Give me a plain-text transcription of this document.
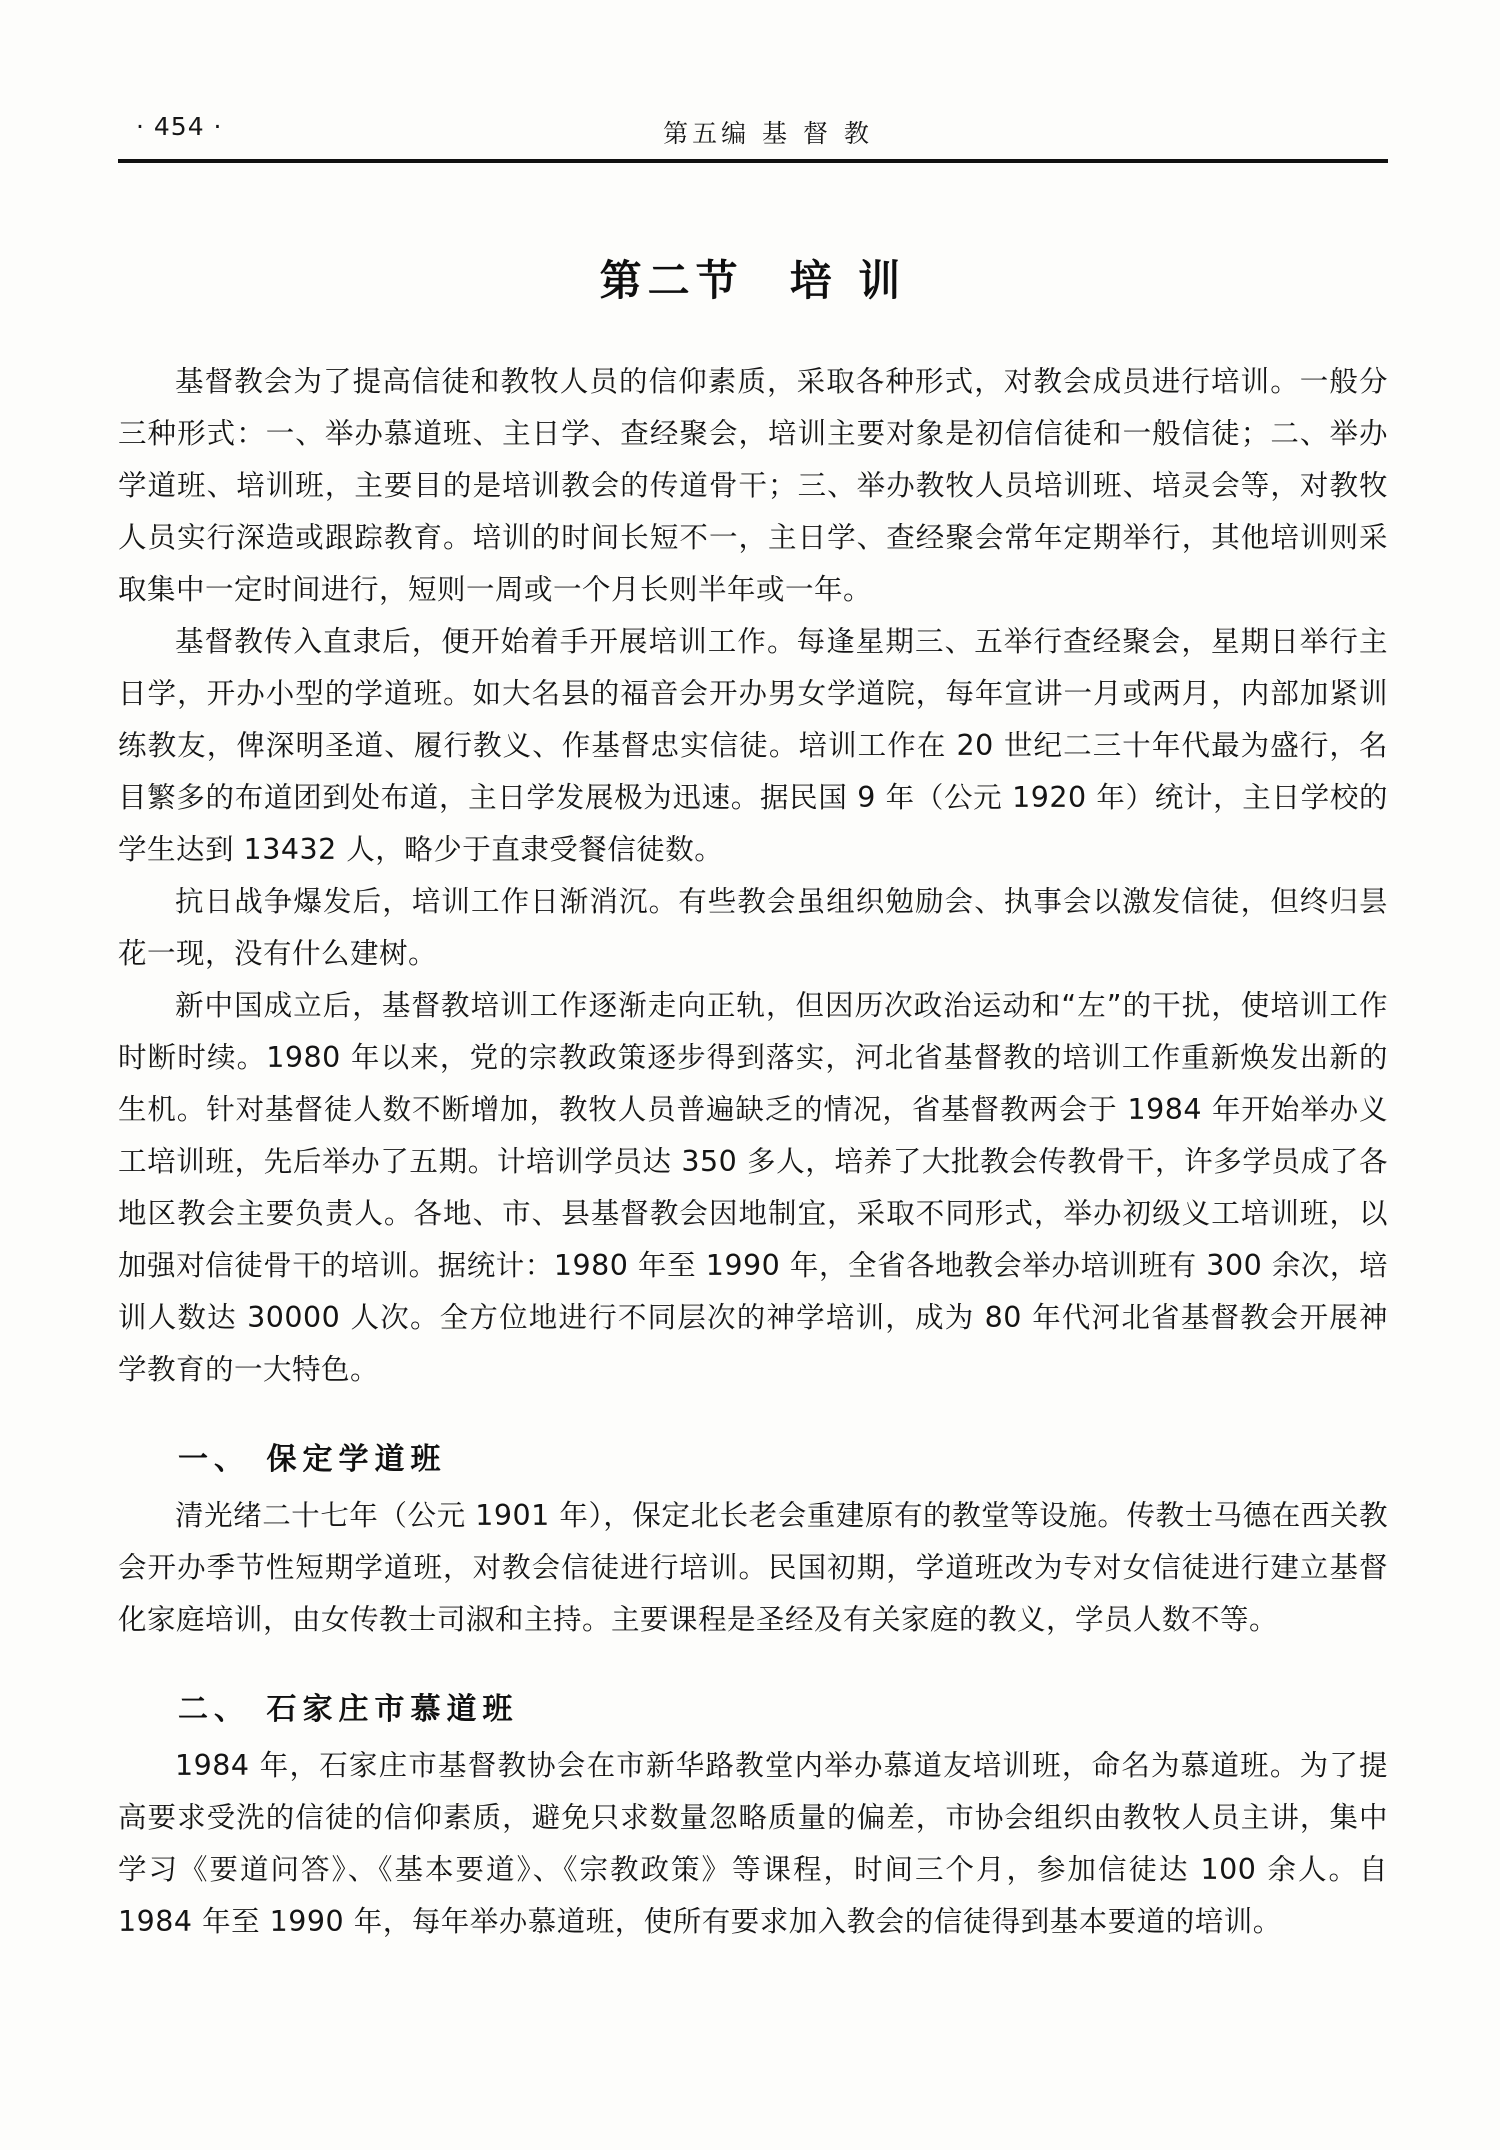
· 454 ·	第五编 基 督 教
第二节 培 训

基督教会为了提高信徒和教牧人员的信仰素质，采取各种形式，对教会成员进行培训。一般分三种形式：一、举办慕道班、主日学、查经聚会，培训主要对象是初信信徒和一般信徒；二、举办学道班、培训班，主要目的是培训教会的传道骨干；三、举办教牧人员培训班、培灵会等，对教牧人员实行深造或跟踪教育。培训的时间长短不一，主日学、查经聚会常年定期举行，其他培训则采取集中一定时间进行，短则一周或一个月长则半年或一年。

基督教传入直隶后，便开始着手开展培训工作。每逢星期三、五举行查经聚会，星期日举行主日学，开办小型的学道班。如大名县的福音会开办男女学道院，每年宣讲一月或两月，内部加紧训练教友，俾深明圣道、履行教义、作基督忠实信徒。培训工作在 20 世纪二三十年代最为盛行，名目繁多的布道团到处布道，主日学发展极为迅速。据民国 9 年（公元 1920 年）统计，主日学校的学生达到 13432 人，略少于直隶受餐信徒数。

抗日战争爆发后，培训工作日渐消沉。有些教会虽组织勉励会、执事会以激发信徒，但终归昙花一现，没有什么建树。

新中国成立后，基督教培训工作逐渐走向正轨，但因历次政治运动和“左”的干扰，使培训工作时断时续。1980 年以来，党的宗教政策逐步得到落实，河北省基督教的培训工作重新焕发出新的生机。针对基督徒人数不断增加，教牧人员普遍缺乏的情况，省基督教两会于 1984 年开始举办义工培训班，先后举办了五期。计培训学员达 350 多人，培养了大批教会传教骨干，许多学员成了各地区教会主要负责人。各地、市、县基督教会因地制宜，采取不同形式，举办初级义工培训班，以加强对信徒骨干的培训。据统计：1980 年至 1990 年，全省各地教会举办培训班有 300 余次，培训人数达 30000 人次。全方位地进行不同层次的神学培训，成为 80 年代河北省基督教会开展神学教育的一大特色。

一、 保定学道班

清光绪二十七年（公元 1901 年），保定北长老会重建原有的教堂等设施。传教士马德在西关教会开办季节性短期学道班，对教会信徒进行培训。民国初期，学道班改为专对女信徒进行建立基督化家庭培训，由女传教士司淑和主持。主要课程是圣经及有关家庭的教义，学员人数不等。

二、 石家庄市慕道班

1984 年，石家庄市基督教协会在市新华路教堂内举办慕道友培训班，命名为慕道班。为了提高要求受洗的信徒的信仰素质，避免只求数量忽略质量的偏差，市协会组织由教牧人员主讲，集中学习《要道问答》、《基本要道》、《宗教政策》等课程，时间三个月，参加信徒达 100 余人。自 1984 年至 1990 年，每年举办慕道班，使所有要求加入教会的信徒得到基本要道的培训。
